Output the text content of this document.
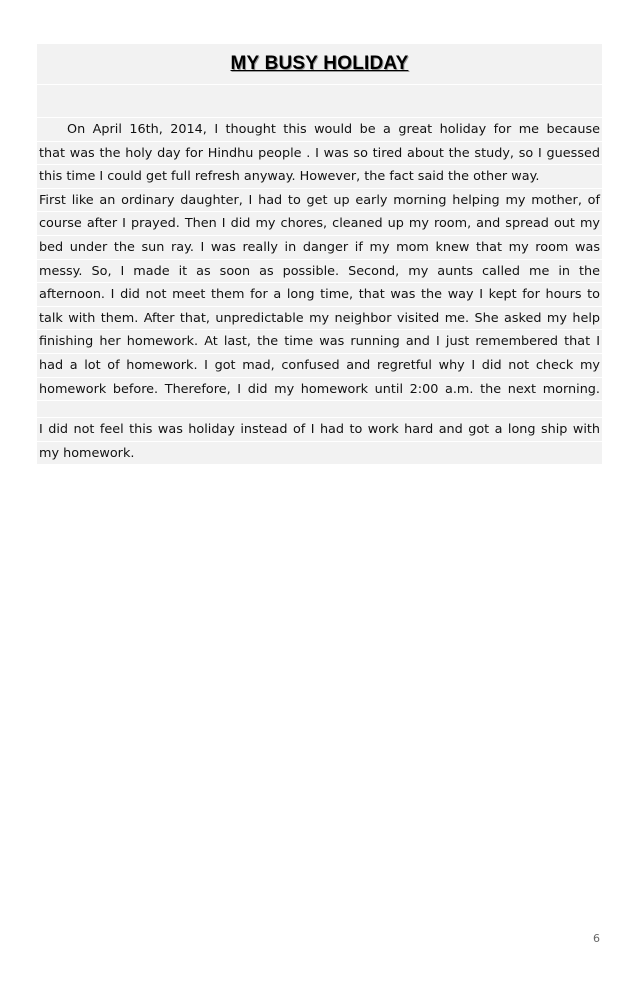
MY BUSY HOLIDAY
On April 16th, 2014, I thought this would be a great holiday for me because
that was the holy day for Hindhu people . I was so tired about the study, so I guessed
this time I could get full refresh anyway. However, the fact said the other way.
First like an ordinary daughter, I had to get up early morning helping my mother, of
course after I prayed. Then I did my chores, cleaned up my room, and spread out my
bed under the sun ray. I was really in danger if my mom knew that my room was
messy. So, I made it as soon as possible. Second, my aunts called me in the
afternoon. I did not meet them for a long time, that was the way I kept for hours to
talk with them. After that, unpredictable my neighbor visited me. She asked my help
finishing her homework. At last, the time was running and I just remembered that I
had a lot of homework. I got mad, confused and regretful why I did not check my
homework before. Therefore, I did my homework until 2:00 a.m. the next morning.
I did not feel this was holiday instead of I had to work hard and got a long ship with
my homework.
6
